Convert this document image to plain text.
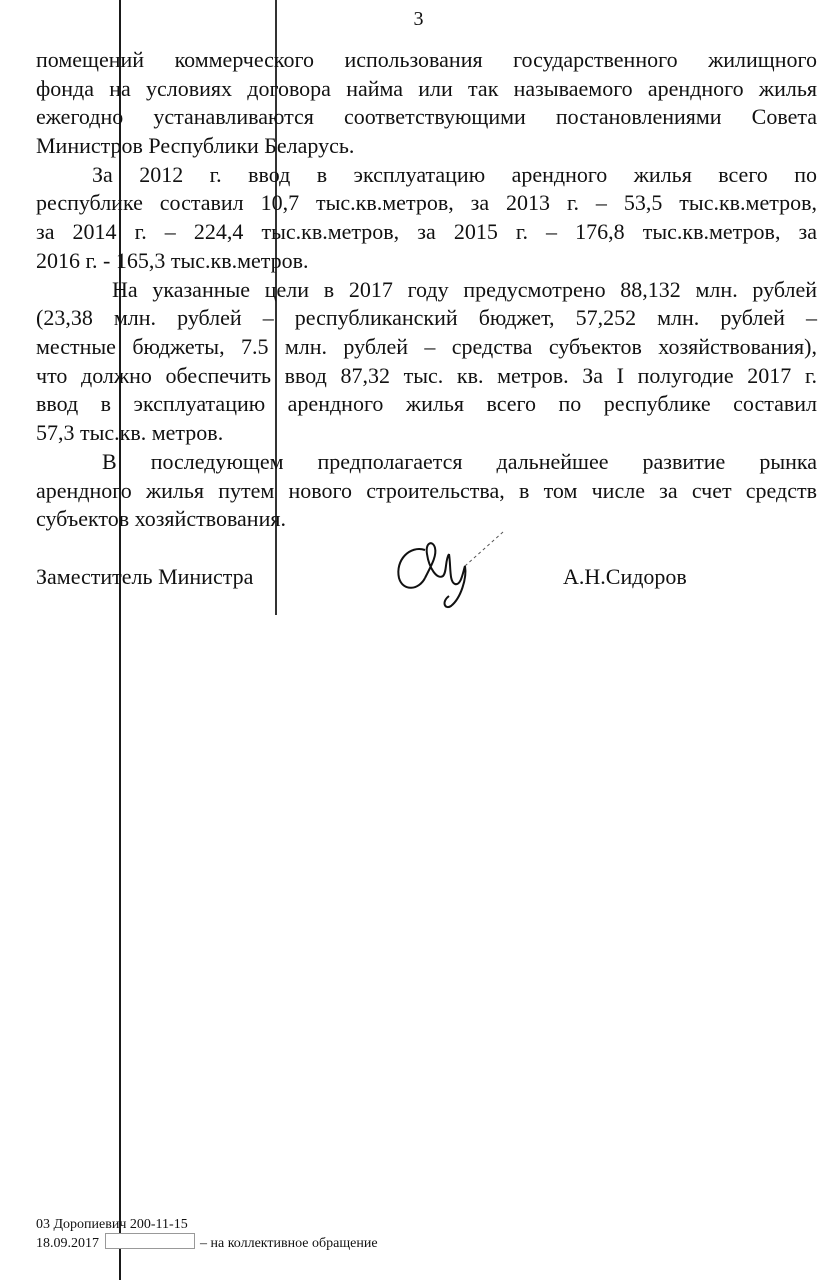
3
помещений коммерческого использования государственного жилищного
фонда на условиях договора найма или так называемого арендного жилья
ежегодно устанавливаются соответствующими постановлениями Совета
Министров Республики Беларусь.
За 2012 г. ввод в эксплуатацию арендного жилья всего по
республике составил 10,7 тыс.кв.метров, за 2013 г. – 53,5 тыс.кв.метров,
за 2014 г. – 224,4 тыс.кв.метров, за 2015 г. – 176,8 тыс.кв.метров, за
2016 г. - 165,3 тыс.кв.метров.
На указанные цели в 2017 году предусмотрено 88,132 млн. рублей
(23,38 млн. рублей – республиканский бюджет, 57,252 млн. рублей –
местные бюджеты, 7.5 млн. рублей – средства субъектов хозяйствования),
что должно обеспечить ввод 87,32 тыс. кв. метров. За I полугодие 2017 г.
ввод в эксплуатацию арендного жилья всего по республике составил
57,3 тыс.кв. метров.
В последующем предполагается дальнейшее развитие рынка
арендного жилья путем нового строительства, в том числе за счет средств
субъектов хозяйствования.
Заместитель Министра	А.Н.Сидоров
03 Доропиевич 200-11-15
18.09.2017	– на коллективное обращение
